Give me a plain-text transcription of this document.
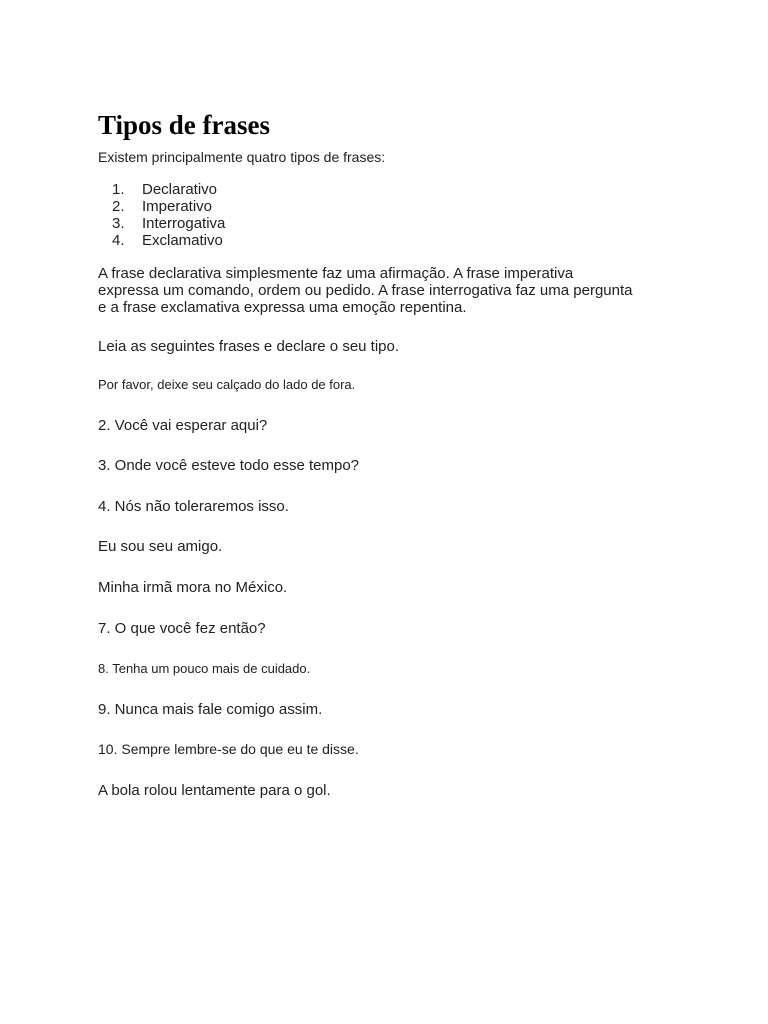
Tipos de frases

Existem principalmente quatro tipos de frases:

1. Declarativo
2. Imperativo
3. Interrogativa
4. Exclamativo

A frase declarativa simplesmente faz uma afirmação. A frase imperativa expressa um comando, ordem ou pedido. A frase interrogativa faz uma pergunta e a frase exclamativa expressa uma emoção repentina.

Leia as seguintes frases e declare o seu tipo.

Por favor, deixe seu calçado do lado de fora.
2. Você vai esperar aqui?
3. Onde você esteve todo esse tempo?
4. Nós não toleraremos isso.
Eu sou seu amigo.
Minha irmã mora no México.
7. O que você fez então?
8. Tenha um pouco mais de cuidado.
9. Nunca mais fale comigo assim.
10. Sempre lembre-se do que eu te disse.
A bola rolou lentamente para o gol.
